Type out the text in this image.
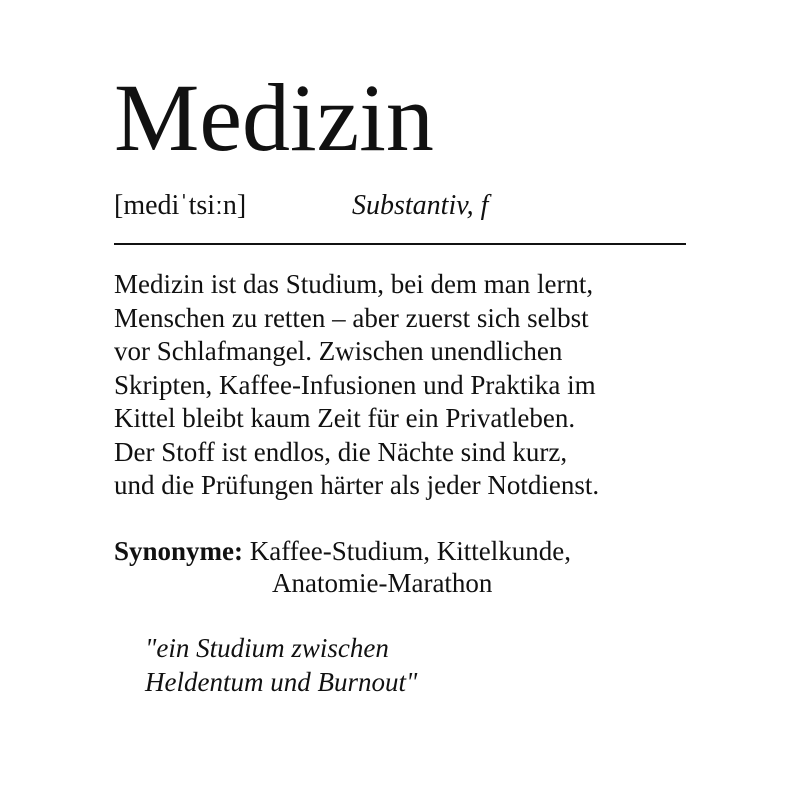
Medizin
[mediˈtsiːn]	Substantiv, f
Medizin ist das Studium, bei dem man lernt,
Menschen zu retten – aber zuerst sich selbst
vor Schlafmangel. Zwischen unendlichen
Skripten, Kaffee-Infusionen und Praktika im
Kittel bleibt kaum Zeit für ein Privatleben.
Der Stoff ist endlos, die Nächte sind kurz,
und die Prüfungen härter als jeder Notdienst.
Synonyme: Kaffee-Studium, Kittelkunde,
Anatomie-Marathon
"ein Studium zwischen
Heldentum und Burnout"
